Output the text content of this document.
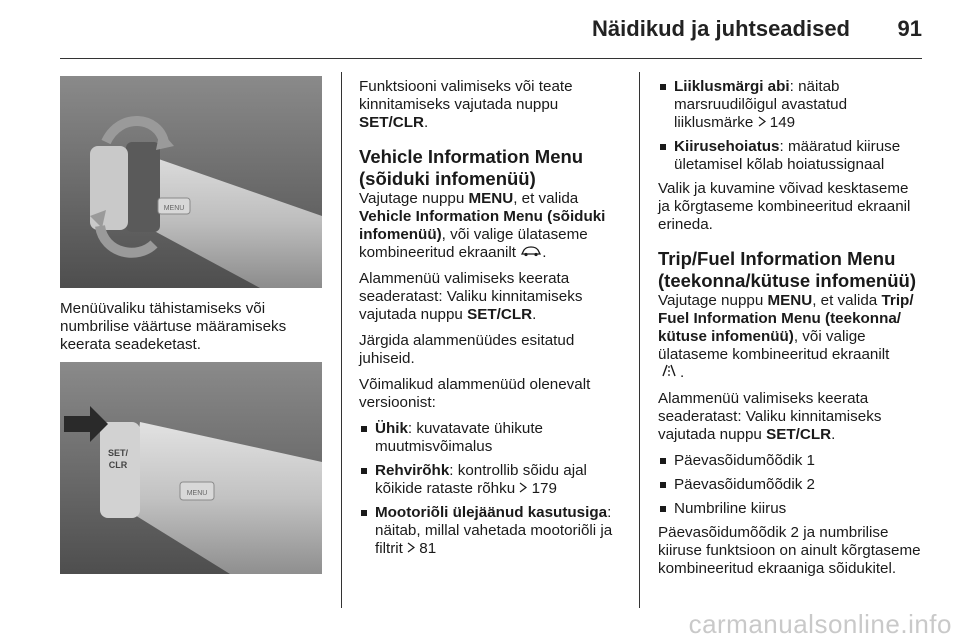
Näidikud ja juhtseadised	91
MENU

Menüüvaliku tähistamiseks või numbrilise väärtuse määramiseks keerata seadeketast.

SET/
CLR
MENU

Funktsiooni valimiseks või teate kinnitamiseks vajutada nuppu SET/CLR.

Vehicle Information Menu (sõiduki infomenüü)

Vajutage nuppu MENU, et valida Vehicle Information Menu (sõiduki infomenüü), või valige ülataseme kombineeritud ekraanilt .

Alammenüü valimiseks keerata seaderatast: Valiku kinnitamiseks vajutada nuppu SET/CLR.

Järgida alammenüüdes esitatud juhiseid.

Võimalikud alammenüüd olenevalt versioonist:

Ühik: kuvatavate ühikute muutmisvõimalus
Rehvirõhk: kontrollib sõidu ajal kõikide rataste rõhku  179
Mootoriõli ülejäänud kasutusiga: näitab, millal vahetada mootoriõli ja filtrit  81
Liiklusmärgi abi: näitab marsruudilõigul avastatud liiklusmärke  149
Kiirusehoiatus: määratud kiiruse ületamisel kõlab hoiatussignaal

Valik ja kuvamine võivad kesktaseme ja kõrgtaseme kombineeritud ekraanil erineda.

Trip/Fuel Information Menu (teekonna/kütuse infomenüü)

Vajutage nuppu MENU, et valida Trip/ Fuel Information Menu (teekonna/ kütuse infomenüü), või valige ülataseme kombineeritud ekraanilt
.

Alammenüü valimiseks keerata seaderatast: Valiku kinnitamiseks vajutada nuppu SET/CLR.

Päevasõidumõõdik 1
Päevasõidumõõdik 2
Numbriline kiirus

Päevasõidumõõdik 2 ja numbrilise kiiruse funktsioon on ainult kõrgtaseme kombineeritud ekraaniga sõidukitel.

carmanualsonline.info
